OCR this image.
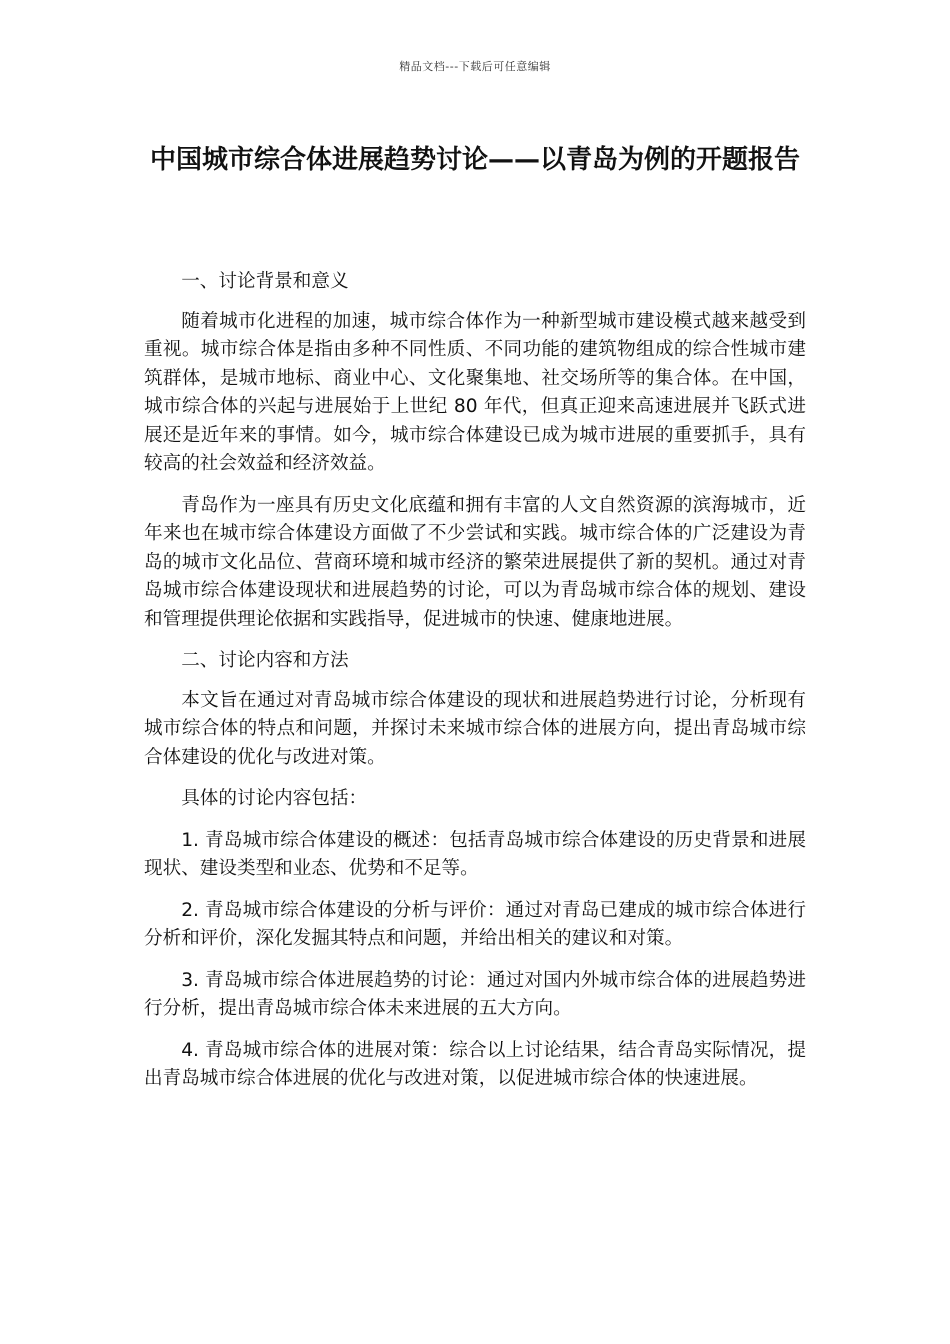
精品文档---下载后可任意编辑
中国城市综合体进展趋势讨论——以青岛为例的开题报告

一、讨论背景和意义

随着城市化进程的加速，城市综合体作为一种新型城市建设模式越来越受到重视。城市综合体是指由多种不同性质、不同功能的建筑物组成的综合性城市建筑群体，是城市地标、商业中心、文化聚集地、社交场所等的集合体。在中国，城市综合体的兴起与进展始于上世纪 80 年代，但真正迎来高速进展并飞跃式进展还是近年来的事情。如今，城市综合体建设已成为城市进展的重要抓手，具有较高的社会效益和经济效益。

青岛作为一座具有历史文化底蕴和拥有丰富的人文自然资源的滨海城市，近年来也在城市综合体建设方面做了不少尝试和实践。城市综合体的广泛建设为青岛的城市文化品位、营商环境和城市经济的繁荣进展提供了新的契机。通过对青岛城市综合体建设现状和进展趋势的讨论，可以为青岛城市综合体的规划、建设和管理提供理论依据和实践指导，促进城市的快速、健康地进展。

二、讨论内容和方法

本文旨在通过对青岛城市综合体建设的现状和进展趋势进行讨论，分析现有城市综合体的特点和问题，并探讨未来城市综合体的进展方向，提出青岛城市综合体建设的优化与改进对策。

具体的讨论内容包括：

1. 青岛城市综合体建设的概述：包括青岛城市综合体建设的历史背景和进展现状、建设类型和业态、优势和不足等。

2. 青岛城市综合体建设的分析与评价：通过对青岛已建成的城市综合体进行分析和评价，深化发掘其特点和问题，并给出相关的建议和对策。

3. 青岛城市综合体进展趋势的讨论：通过对国内外城市综合体的进展趋势进行分析，提出青岛城市综合体未来进展的五大方向。

4. 青岛城市综合体的进展对策：综合以上讨论结果，结合青岛实际情况，提出青岛城市综合体进展的优化与改进对策，以促进城市综合体的快速进展。
